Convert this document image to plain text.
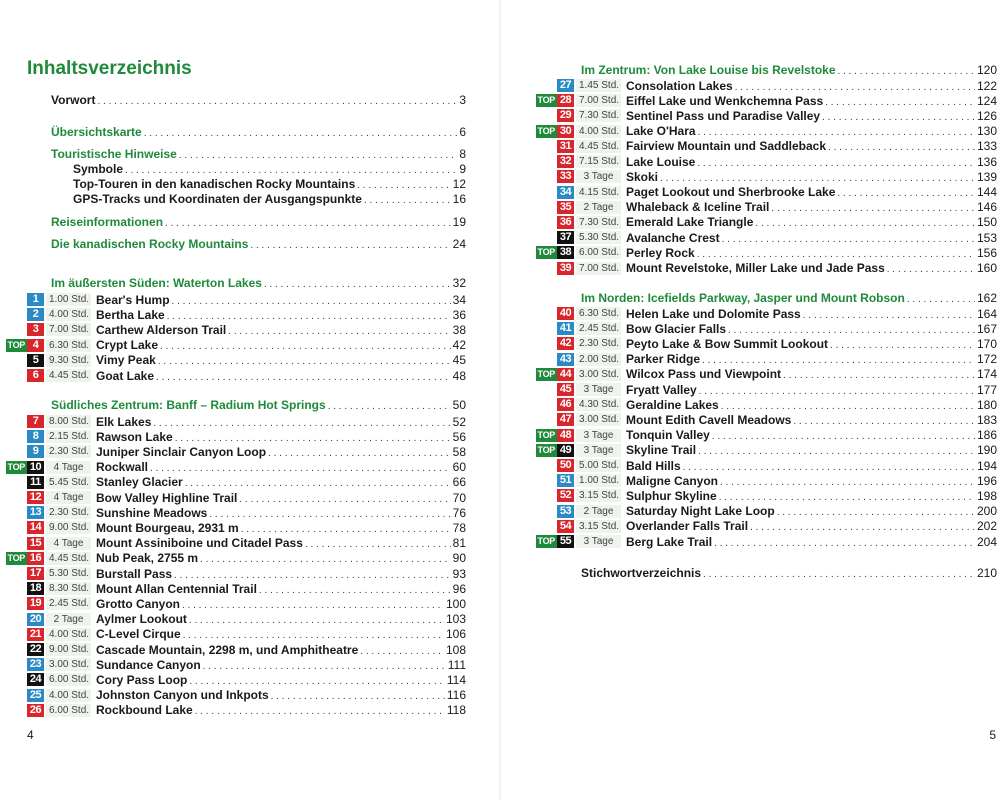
Inhaltsverzeichnis
Vorwort . . .	3
Übersichtskarte . . .	6
Touristische Hinweise . . .	8
Symbole . . .	9
Top-Touren in den kanadischen Rocky Mountains . . .	12
GPS-Tracks und Koordinaten der Ausgangspunkte . . .	16
Reiseinformationen . . .	19
Die kanadischen Rocky Mountains . . .	24
Im äußersten Süden: Waterton Lakes . . .	32
1	1.00 Std. Bear's Hump . . .	34
2	4.00 Std. Bertha Lake . . .	36
3	7.00 Std. Carthew Alderson Trail . . .	38
TOP 4	6.30 Std. Crypt Lake . . .	42
5	9.30 Std. Vimy Peak . . .	45
6	4.45 Std. Goat Lake . . .	48
Südliches Zentrum: Banff – Radium Hot Springs . . .	50
7	8.00 Std. Elk Lakes . . .	52
8	2.15 Std. Rawson Lake . . .	56
9	2.30 Std. Juniper Sinclair Canyon Loop . . .	58
TOP 10	4 Tage	Rockwall . . .	60
11 5.45 Std. Stanley Glacier . . .	66
12	4 Tage	Bow Valley Highline Trail . . .	70
13 2.30 Std. Sunshine Meadows . . .	76
14 9.00 Std. Mount Bourgeau, 2931 m . . .	78
15	4 Tage	Mount Assiniboine und Citadel Pass . . .	81
TOP 16 4.45 Std. Nub Peak, 2755 m . . .	90
17 5.30 Std. Burstall Pass . . .	93
18 8.30 Std. Mount Allan Centennial Trail . . .	96
19 2.45 Std. Grotto Canyon . . .	100
20	2 Tage	Aylmer Lookout . . .	103
21 4.00 Std. C-Level Cirque . . .	106
22 9.00 Std. Cascade Mountain, 2298 m, und Amphitheatre . . .	108
23 3.00 Std. Sundance Canyon . . .	111
24 6.00 Std. Cory Pass Loop . . .	114
25 4.00 Std. Johnston Canyon und Inkpots . . .	116
26 6.00 Std. Rockbound Lake . . .	118
4
Im Zentrum: Von Lake Louise bis Revelstoke . . .	120
27 1.45 Std. Consolation Lakes . . .	122
TOP 28 7.00 Std. Eiffel Lake und Wenkchemna Pass . . .	124
29 7.30 Std. Sentinel Pass und Paradise Valley . . .	126
TOP 30 4.00 Std. Lake O'Hara . . .	130
31 4.45 Std. Fairview Mountain und Saddleback . . .	133
32 7.15 Std. Lake Louise . . .	136
33	3 Tage	Skoki . . .	139
34 4.15 Std. Paget Lookout und Sherbrooke Lake . . .	144
35	2 Tage	Whaleback & Iceline Trail . . .	146
36 7.30 Std. Emerald Lake Triangle . . .	150
37 5.30 Std. Avalanche Crest . . .	153
TOP 38 6.00 Std. Perley Rock . . .	156
39 7.00 Std. Mount Revelstoke, Miller Lake und Jade Pass . . .	160
Im Norden: Icefields Parkway, Jasper und Mount Robson . . .	162
40 6.30 Std. Helen Lake und Dolomite Pass . . .	164
41 2.45 Std. Bow Glacier Falls . . .	167
42 2.30 Std. Peyto Lake & Bow Summit Lookout . . .	170
43 2.00 Std. Parker Ridge . . .	172
TOP 44 3.00 Std. Wilcox Pass und Viewpoint . . .	174
45	3 Tage	Fryatt Valley . . .	177
46 4.30 Std. Geraldine Lakes . . .	180
47 3.00 Std. Mount Edith Cavell Meadows . . .	183
TOP 48	3 Tage	Tonquin Valley . . .	186
TOP 49	3 Tage	Skyline Trail . . .	190
50 5.00 Std. Bald Hills . . .	194
51 1.00 Std. Maligne Canyon . . .	196
52 3.15 Std. Sulphur Skyline . . .	198
53	2 Tage	Saturday Night Lake Loop . . .	200
54 3.15 Std. Overlander Falls Trail . . .	202
TOP 55	3 Tage	Berg Lake Trail . . .	204
Stichwortverzeichnis . . .	210
5
